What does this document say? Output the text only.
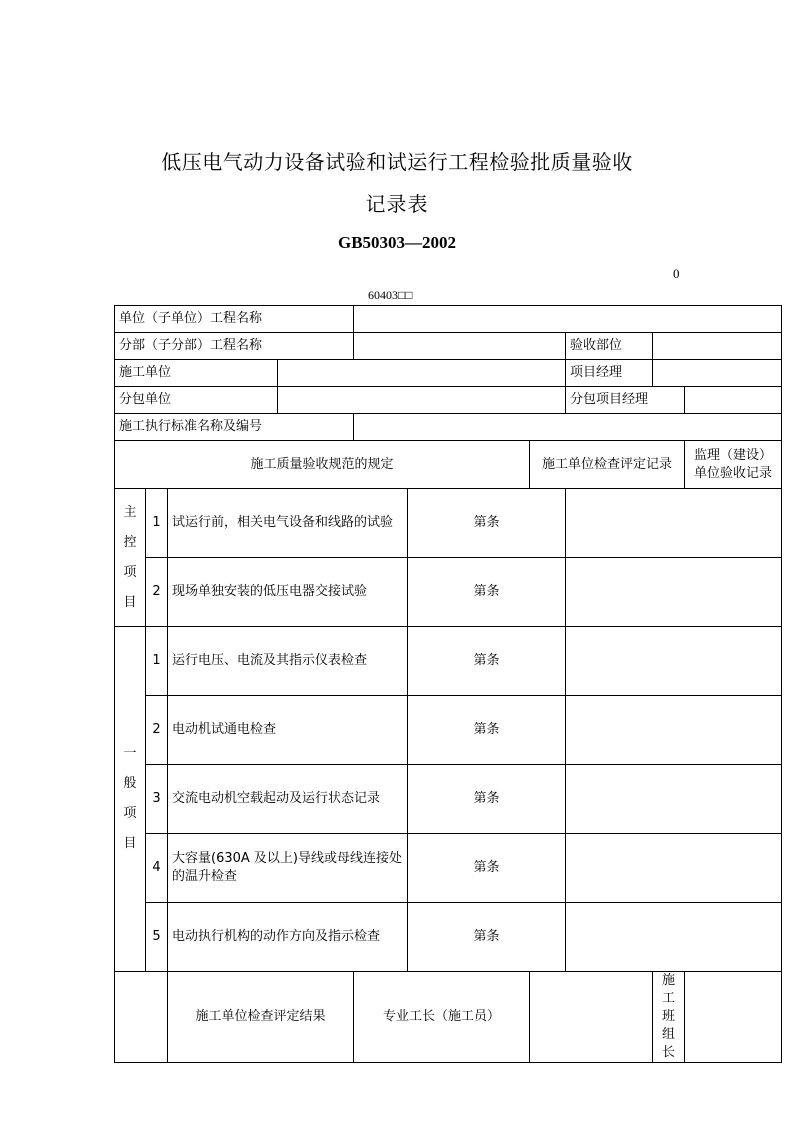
低压电气动力设备试验和试运行工程检验批质量验收
记录表
GB50303—2002
0
60403□□
单位（子单位）工程名称										
分部（子分部）工程名称							验收部位			
施工单位							项目经理			
分包单位							分包项目经理			
施工执行标准名称及编号										
施工质量验收规范的规定						施工单位检查评定记录			监理（建设）
单位验收记录	

主
控
项
目	1	试运行前，相关电气设备和线路的试验			第条					
	2	现场单独安装的低压电器交接试验			第条					

一
般
项
目	1	运行电压、电流及其指示仪表检查			第条					
	2	电动机试通电检查			第条					
	3	交流电动机空载起动及运行状态记录			第条					
	4	大容量(630A 及以上)导线或母线连接处的温升检查			第条					
	5	电动执行机构的动作方向及指示检查			第条					
		施工单位检查评定结果		专业工长（施工员）				施工班组长		
